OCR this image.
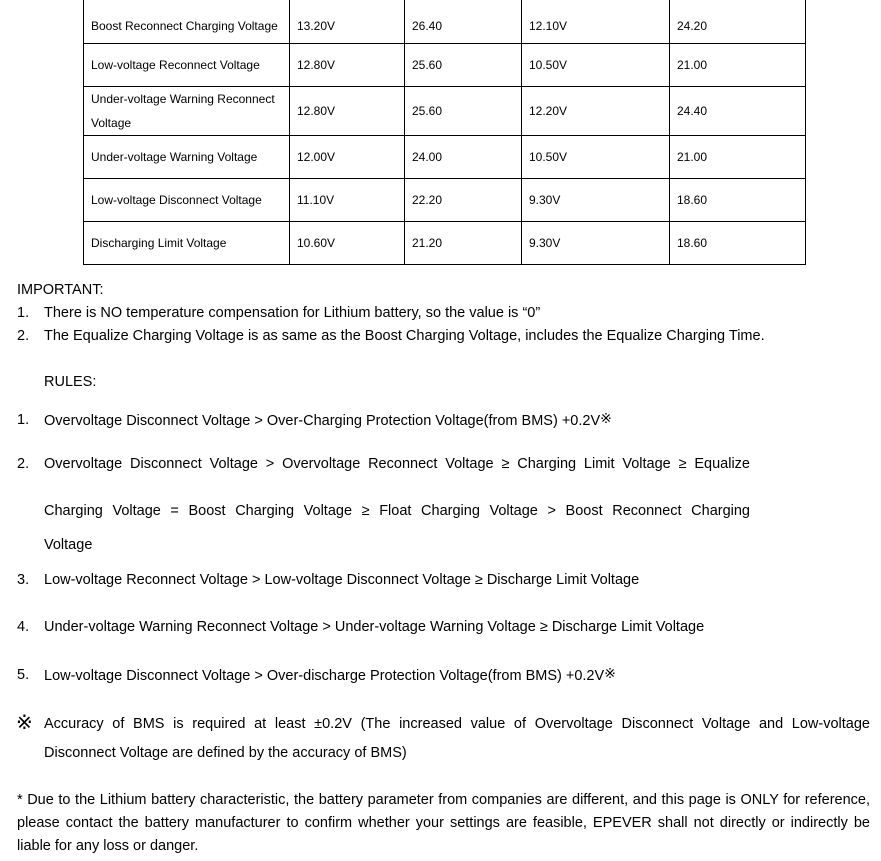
Boost Reconnect Charging Voltage	13.20V	26.40	12.10V	24.20
Low-voltage Reconnect Voltage	12.80V	25.60	10.50V	21.00
Under-voltage Warning Reconnect Voltage	12.80V	25.60	12.20V	24.40
Under-voltage Warning Voltage	12.00V	24.00	10.50V	21.00
Low-voltage Disconnect Voltage	11.10V	22.20	9.30V	18.60
Discharging Limit Voltage	10.60V	21.20	9.30V	18.60
IMPORTANT:
1. There is NO temperature compensation for Lithium battery, so the value is “0”
2. The Equalize Charging Voltage is as same as the Boost Charging Voltage, includes the Equalize Charging Time.
RULES:
1. Overvoltage Disconnect Voltage > Over-Charging Protection Voltage(from BMS) +0.2V※
2. Overvoltage Disconnect Voltage > Overvoltage Reconnect Voltage ≥ Charging Limit Voltage ≥ Equalize
Charging Voltage = Boost Charging Voltage ≥ Float Charging Voltage > Boost Reconnect Charging
Voltage
3. Low-voltage Reconnect Voltage > Low-voltage Disconnect Voltage ≥ Discharge Limit Voltage
4. Under-voltage Warning Reconnect Voltage > Under-voltage Warning Voltage ≥ Discharge Limit Voltage
5. Low-voltage Disconnect Voltage > Over-discharge Protection Voltage(from BMS) +0.2V※
※ Accuracy of BMS is required at least ±0.2V (The increased value of Overvoltage Disconnect Voltage and Low-voltage
Disconnect Voltage are defined by the accuracy of BMS)
* Due to the Lithium battery characteristic, the battery parameter from companies are different, and this page is ONLY for reference,
please contact the battery manufacturer to confirm whether your settings are feasible, EPEVER shall not directly or indirectly be
liable for any loss or danger.
